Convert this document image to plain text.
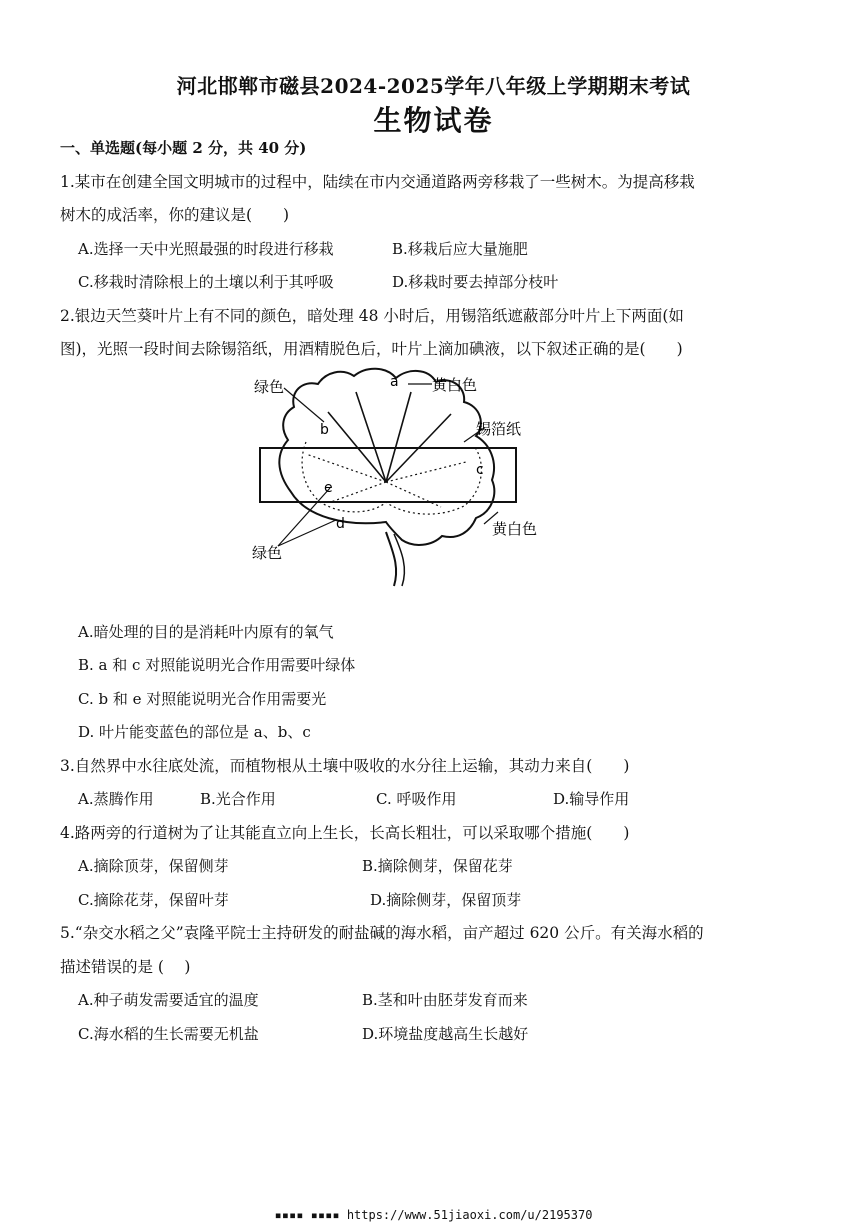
河北邯郸市磁县2024-2025学年八年级上学期期末考试
生物试卷
一、单选题(每小题 2 分，共 40 分)
1.某市在创建全国文明城市的过程中，陆续在市内交通道路两旁移栽了一些树木。为提高移栽
树木的成活率，你的建议是(　　)
A.选择一天中光照最强的时段进行移栽	B.移栽后应大量施肥
C.移栽时清除根上的土壤以利于其呼吸	D.移栽时要去掉部分枝叶
2.银边天竺葵叶片上有不同的颜色，暗处理 48 小时后，用锡箔纸遮蔽部分叶片上下两面(如
图)，光照一段时间去除锡箔纸，用酒精脱色后，叶片上滴加碘液，以下叙述正确的是(　　)
绿色	黄白色
锡箔纸
黄白色
绿色
a
b
c
d
e
A.暗处理的目的是消耗叶内原有的氧气
B. a 和 c 对照能说明光合作用需要叶绿体
C. b 和 e 对照能说明光合作用需要光
D. 叶片能变蓝色的部位是 a、b、c
3.自然界中水往底处流，而植物根从土壤中吸收的水分往上运输，其动力来自(　　)
A.蒸腾作用	B.光合作用	C. 呼吸作用	D.输导作用
4.路两旁的行道树为了让其能直立向上生长，长高长粗壮，可以采取哪个措施(　　)
A.摘除顶芽，保留侧芽	B.摘除侧芽，保留花芽
C.摘除花芽，保留叶芽	D.摘除侧芽，保留顶芽
5.“杂交水稻之父”袁隆平院士主持研发的耐盐碱的海水稻，亩产超过 620 公斤。有关海水稻的
描述错误的是 (　 )
A.种子萌发需要适宜的温度	B.茎和叶由胚芽发育而来
C.海水稻的生长需要无机盐	D.环境盐度越高生长越好
▪▪▪▪ ▪▪▪▪ https://www.51jiaoxi.com/u/2195370
